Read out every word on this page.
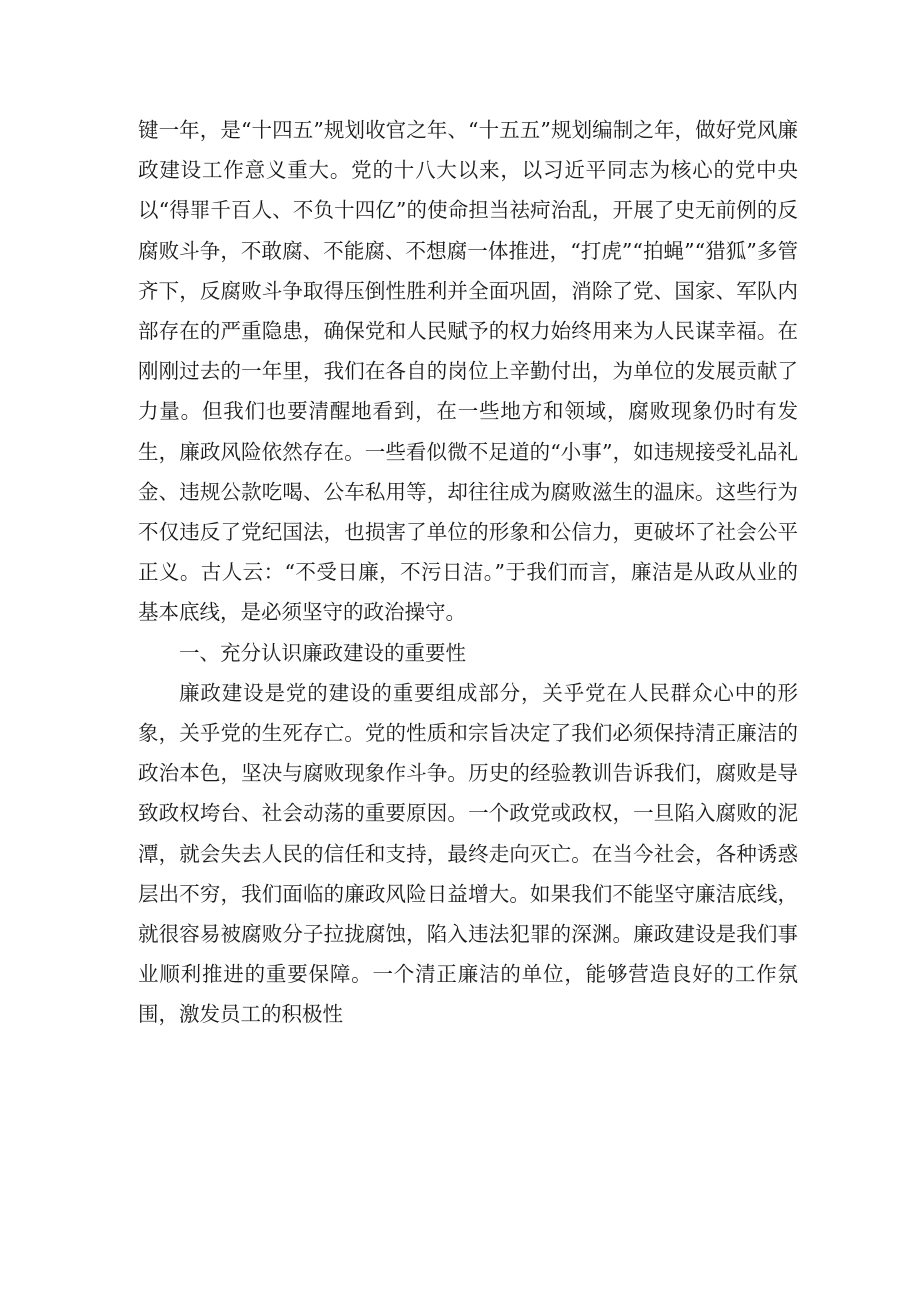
键一年，是“十四五”规划收官之年、“十五五”规划编制之年，做好党风廉政建设工作意义重大。党的十八大以来，以习近平同志为核心的党中央以“得罪千百人、不负十四亿”的使命担当祛疴治乱，开展了史无前例的反腐败斗争，不敢腐、不能腐、不想腐一体推进，“打虎”“拍蝇”“猎狐”多管齐下，反腐败斗争取得压倒性胜利并全面巩固，消除了党、国家、军队内部存在的严重隐患，确保党和人民赋予的权力始终用来为人民谋幸福。在刚刚过去的一年里，我们在各自的岗位上辛勤付出，为单位的发展贡献了力量。但我们也要清醒地看到，在一些地方和领域，腐败现象仍时有发生，廉政风险依然存在。一些看似微不足道的“小事”，如违规接受礼品礼金、违规公款吃喝、公车私用等，却往往成为腐败滋生的温床。这些行为不仅违反了党纪国法，也损害了单位的形象和公信力，更破坏了社会公平正义。古人云：“不受日廉，不污日洁。”于我们而言，廉洁是从政从业的基本底线，是必须坚守的政治操守。

一、充分认识廉政建设的重要性

廉政建设是党的建设的重要组成部分，关乎党在人民群众心中的形象，关乎党的生死存亡。党的性质和宗旨决定了我们必须保持清正廉洁的政治本色，坚决与腐败现象作斗争。历史的经验教训告诉我们，腐败是导致政权垮台、社会动荡的重要原因。一个政党或政权，一旦陷入腐败的泥潭，就会失去人民的信任和支持，最终走向灭亡。在当今社会，各种诱惑层出不穷，我们面临的廉政风险日益增大。如果我们不能坚守廉洁底线，就很容易被腐败分子拉拢腐蚀，陷入违法犯罪的深渊。廉政建设是我们事业顺利推进的重要保障。一个清正廉洁的单位，能够营造良好的工作氛围，激发员工的积极性
